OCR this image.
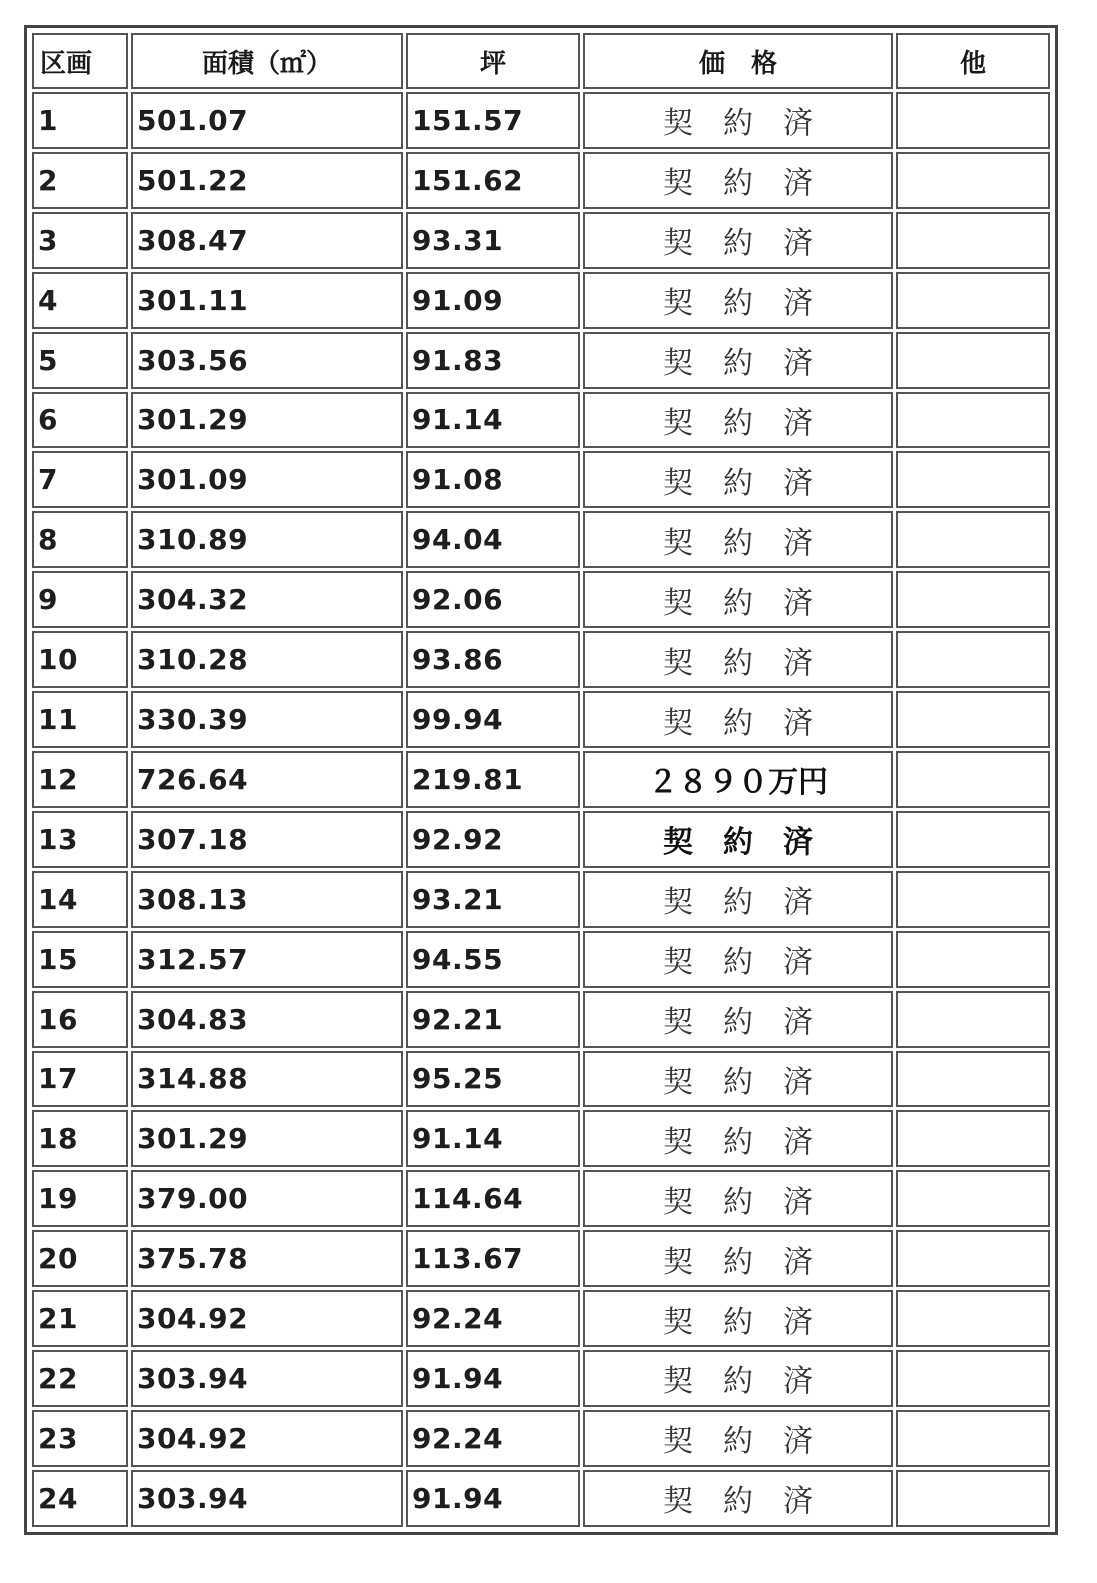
区画	面積（㎡）	坪	価　格	他
1	501.07	151.57	契　約　済	
2	501.22	151.62	契　約　済	
3	308.47	93.31	契　約　済	
4	301.11	91.09	契　約　済	
5	303.56	91.83	契　約　済	
6	301.29	91.14	契　約　済	
7	301.09	91.08	契　約　済	
8	310.89	94.04	契　約　済	
9	304.32	92.06	契　約　済	
10	310.28	93.86	契　約　済	
11	330.39	99.94	契　約　済	
12	726.64	219.81	２８９０万円	
13	307.18	92.92	契　約　済	
14	308.13	93.21	契　約　済	
15	312.57	94.55	契　約　済	
16	304.83	92.21	契　約　済	
17	314.88	95.25	契　約　済	
18	301.29	91.14	契　約　済	
19	379.00	114.64	契　約　済	
20	375.78	113.67	契　約　済	
21	304.92	92.24	契　約　済	
22	303.94	91.94	契　約　済	
23	304.92	92.24	契　約　済	
24	303.94	91.94	契　約　済	
